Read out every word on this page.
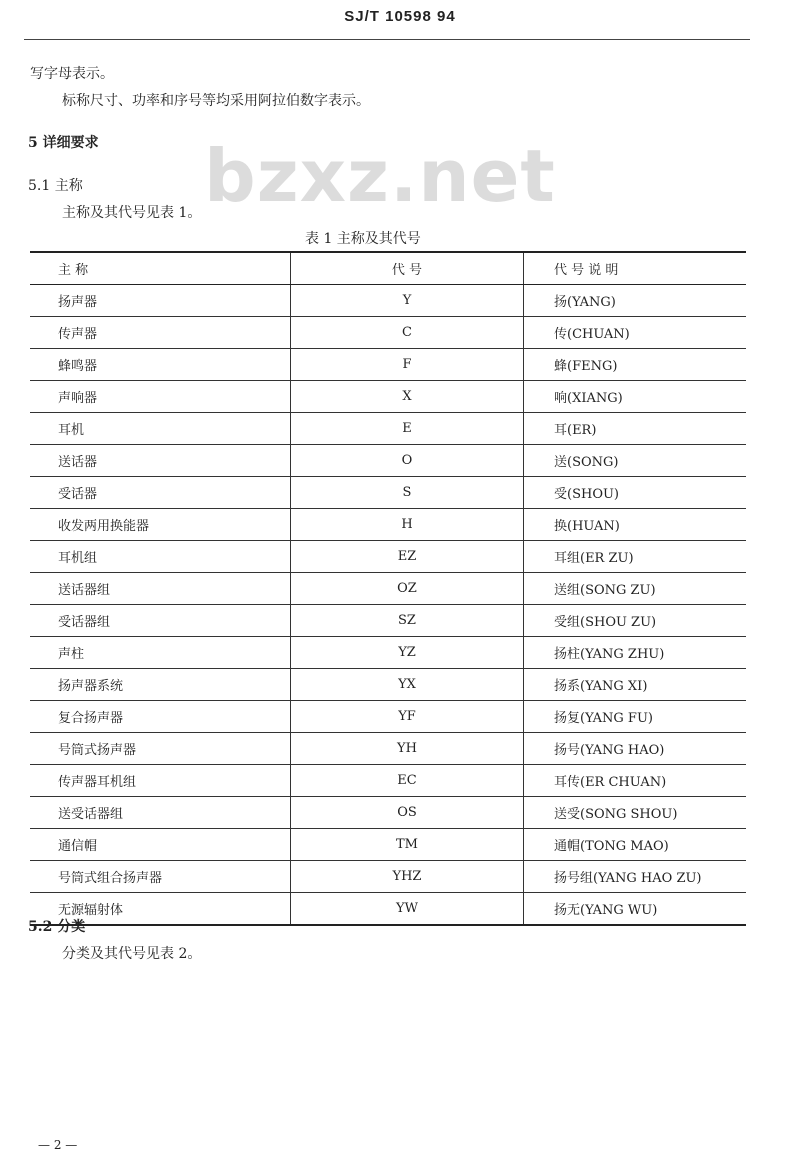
SJ/T 10598 94
bzxz.net
写字母表示。
标称尺寸、功率和序号等均采用阿拉伯数字表示。
5 详细要求
5.1 主称
主称及其代号见表 1。
表 1 主称及其代号
主 称	代 号	代 号 说 明
扬声器	Y	扬(YANG)
传声器	C	传(CHUAN)
蜂鸣器	F	蜂(FENG)
声响器	X	响(XIANG)
耳机	E	耳(ER)
送话器	O	送(SONG)
受话器	S	受(SHOU)
收发两用换能器	H	换(HUAN)
耳机组	EZ	耳组(ER ZU)
送话器组	OZ	送组(SONG ZU)
受话器组	SZ	受组(SHOU ZU)
声柱	YZ	扬柱(YANG ZHU)
扬声器系统	YX	扬系(YANG XI)
复合扬声器	YF	扬复(YANG FU)
号筒式扬声器	YH	扬号(YANG HAO)
传声器耳机组	EC	耳传(ER CHUAN)
送受话器组	OS	送受(SONG SHOU)
通信帽	TM	通帽(TONG MAO)
号筒式组合扬声器	YHZ	扬号组(YANG HAO ZU)
无源辐射体	YW	扬无(YANG WU)
5.2 分类
分类及其代号见表 2。
— 2 —
